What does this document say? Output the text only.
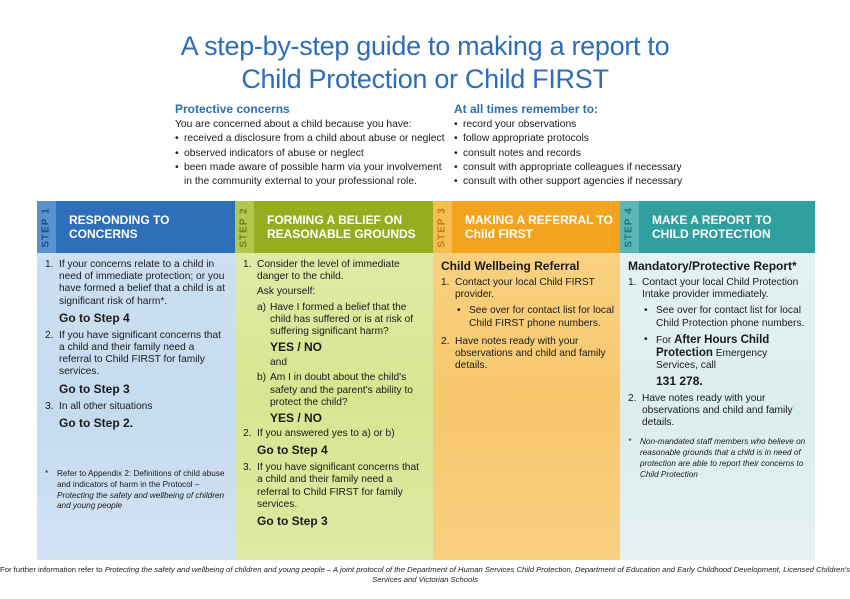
A step-by-step guide to making a report to
Child Protection or Child FIRST
Protective concerns
You are concerned about a child because you have:
• received a disclosure from a child about abuse or neglect
• observed indicators of abuse or neglect
• been made aware of possible harm via your involvement in the community external to your professional role.
At all times remember to:
• record your observations
• follow appropriate protocols
• consult notes and records
• consult with appropriate colleagues if necessary
• consult with other support agencies if necessary
STEP 1	RESPONDING TO CONCERNS
1. If your concerns relate to a child in need of immediate protection; or you have formed a belief that a child is at significant risk of harm*.
Go to Step 4
2. If you have significant concerns that a child and their family need a referral to Child FIRST for family services.
Go to Step 3
3. In all other situations
Go to Step 2.
* Refer to Appendix 2: Definitions of child abuse and indicators of harm in the Protocol – Protecting the safety and wellbeing of children and young people
STEP 2	FORMING A BELIEF ON REASONABLE GROUNDS
1. Consider the level of immediate danger to the child.
Ask yourself:
a) Have I formed a belief that the child has suffered or is at risk of suffering significant harm?
YES / NO
and
b) Am I in doubt about the child's safety and the parent's ability to protect the child?
YES / NO
2. If you answered yes to a) or b)
Go to Step 4
3. If you have significant concerns that a child and their family need a referral to Child FIRST for family services.
Go to Step 3
STEP 3	MAKING A REFERRAL TO Child FIRST
Child Wellbeing Referral
1. Contact your local Child FIRST provider.
• See over for contact list for local Child FIRST phone numbers.
2. Have notes ready with your observations and child and family details.
STEP 4	MAKE A REPORT TO CHILD PROTECTION
Mandatory/Protective Report*
1. Contact your local Child Protection Intake provider immediately.
• See over for contact list for local Child Protection phone numbers.
• For After Hours Child Protection Emergency Services, call
131 278.
2. Have notes ready with your observations and child and family details.
* Non-mandated staff members who believe on reasonable grounds that a child is in need of protection are able to report their concerns to Child Protection
For further information refer to Protecting the safety and wellbeing of children and young people – A joint protocol of the Department of Human Services Child Protection, Department of Education and Early Childhood Development, Licensed Children's Services and Victorian Schools
